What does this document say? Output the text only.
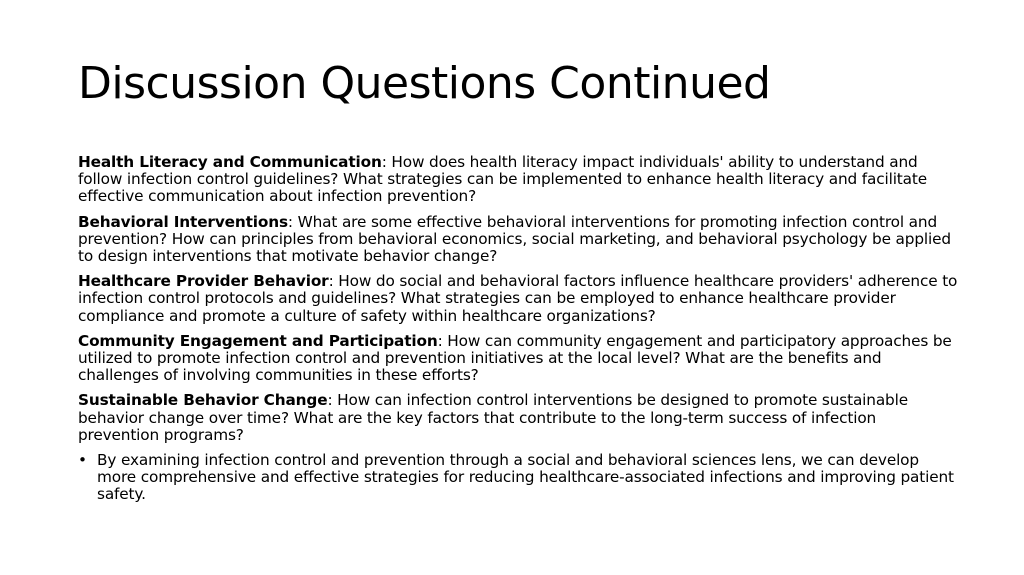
Discussion Questions Continued

Health Literacy and Communication: How does health literacy impact individuals' ability to understand and follow infection control guidelines? What strategies can be implemented to enhance health literacy and facilitate effective communication about infection prevention?

Behavioral Interventions: What are some effective behavioral interventions for promoting infection control and prevention? How can principles from behavioral economics, social marketing, and behavioral psychology be applied to design interventions that motivate behavior change?

Healthcare Provider Behavior: How do social and behavioral factors influence healthcare providers' adherence to infection control protocols and guidelines? What strategies can be employed to enhance healthcare provider compliance and promote a culture of safety within healthcare organizations?

Community Engagement and Participation: How can community engagement and participatory approaches be utilized to promote infection control and prevention initiatives at the local level? What are the benefits and challenges of involving communities in these efforts?

Sustainable Behavior Change: How can infection control interventions be designed to promote sustainable behavior change over time? What are the key factors that contribute to the long-term success of infection prevention programs?

• By examining infection control and prevention through a social and behavioral sciences lens, we can develop more comprehensive and effective strategies for reducing healthcare-associated infections and improving patient safety.
